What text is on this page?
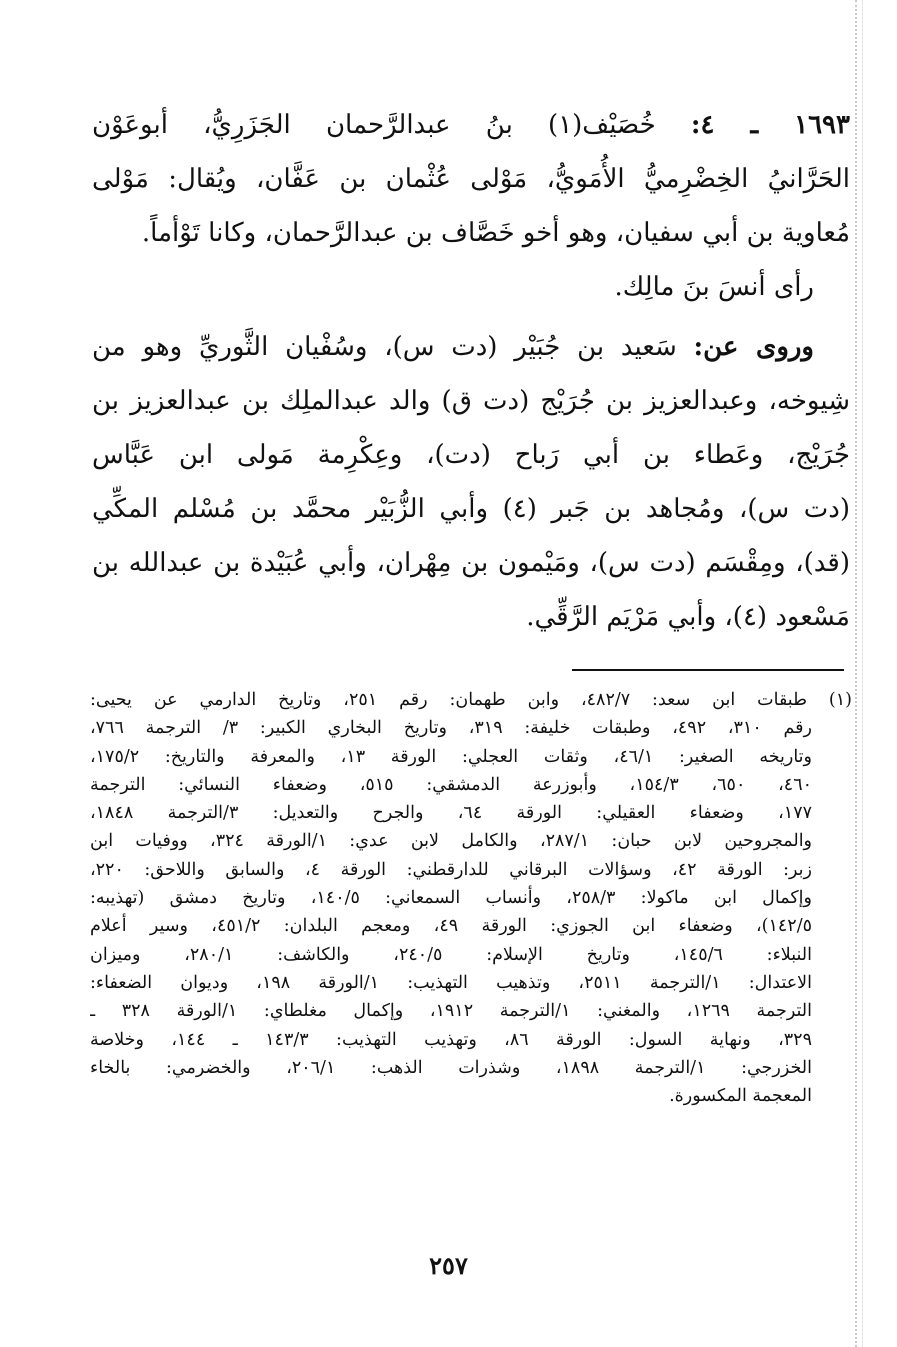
١٦٩٣ ـ ٤: خُصَيْف(١) بنُ عبدالرَّحمان الجَزَرِيُّ، أبوعَوْن
الحَرَّانيُ الخِضْرِميُّ الأُمَويُّ، مَوْلى عُثْمان بن عَفَّان، ويُقال: مَوْلى
مُعاوية بن أبي سفيان، وهو أخو خَصَّاف بن عبدالرَّحمان، وكانا تَوْأماً.
رأى أنسَ بنَ مالِك.
وروى عن: سَعيد بن جُبَيْر (دت س)، وسُفْيان الثَّوريِّ وهو من
شِيوخه، وعبدالعزيز بن جُرَيْج (دت ق) والد عبدالملِك بن عبدالعزيز بن
جُرَيْج، وعَطاء بن أبي رَباح (دت)، وعِكْرِمة مَولى ابن عَبَّاس
(دت س)، ومُجاهد بن جَبر (٤) وأبي الزُّبَيْر محمَّد بن مُسْلم المكِّي
(قد)، ومِقْسَم (دت س)، ومَيْمون بن مِهْران، وأبي عُبَيْدة بن عبدالله بن
مَسْعود (٤)، وأبي مَرْيَم الرَّقِّي.
(١) طبقات ابن سعد: ٤٨٢/٧، وابن طهمان: رقم ٢٥١، وتاريخ الدارمي عن يحيى:
رقم ٣١٠، ٤٩٢، وطبقات خليفة: ٣١٩، وتاريخ البخاري الكبير: ٣/ الترجمة ٧٦٦،
وتاريخه الصغير: ٤٦/١، وثقات العجلي: الورقة ١٣، والمعرفة والتاريخ: ١٧٥/٢،
٤٦٠، ٦٥٠، ١٥٤/٣، وأبوزرعة الدمشقي: ٥١٥، وضعفاء النسائي: الترجمة
١٧٧، وضعفاء العقيلي: الورقة ٦٤، والجرح والتعديل: ٣/الترجمة ١٨٤٨،
والمجروحين لابن حبان: ٢٨٧/١، والكامل لابن عدي: ١/الورقة ٣٢٤، ووفيات ابن
زبر: الورقة ٤٢، وسؤالات البرقاني للدارقطني: الورقة ٤، والسابق واللاحق: ٢٢٠،
وإكمال ابن ماكولا: ٢٥٨/٣، وأنساب السمعاني: ١٤٠/٥، وتاريخ دمشق (تهذيبه:
١٤٢/٥)، وضعفاء ابن الجوزي: الورقة ٤٩، ومعجم البلدان: ٤٥١/٢، وسير أعلام
النبلاء: ١٤٥/٦، وتاريخ الإسلام: ٢٤٠/٥، والكاشف: ٢٨٠/١، وميزان
الاعتدال: ١/الترجمة ٢٥١١، وتذهيب التهذيب: ١/الورقة ١٩٨، وديوان الضعفاء:
الترجمة ١٢٦٩، والمغني: ١/الترجمة ١٩١٢، وإكمال مغلطاي: ١/الورقة ٣٢٨ ـ
٣٢٩، ونهاية السول: الورقة ٨٦، وتهذيب التهذيب: ١٤٣/٣ ـ ١٤٤، وخلاصة
الخزرجي: ١/الترجمة ١٨٩٨، وشذرات الذهب: ٢٠٦/١، والخضرمي: بالخاء
المعجمة المكسورة.
٢٥٧
